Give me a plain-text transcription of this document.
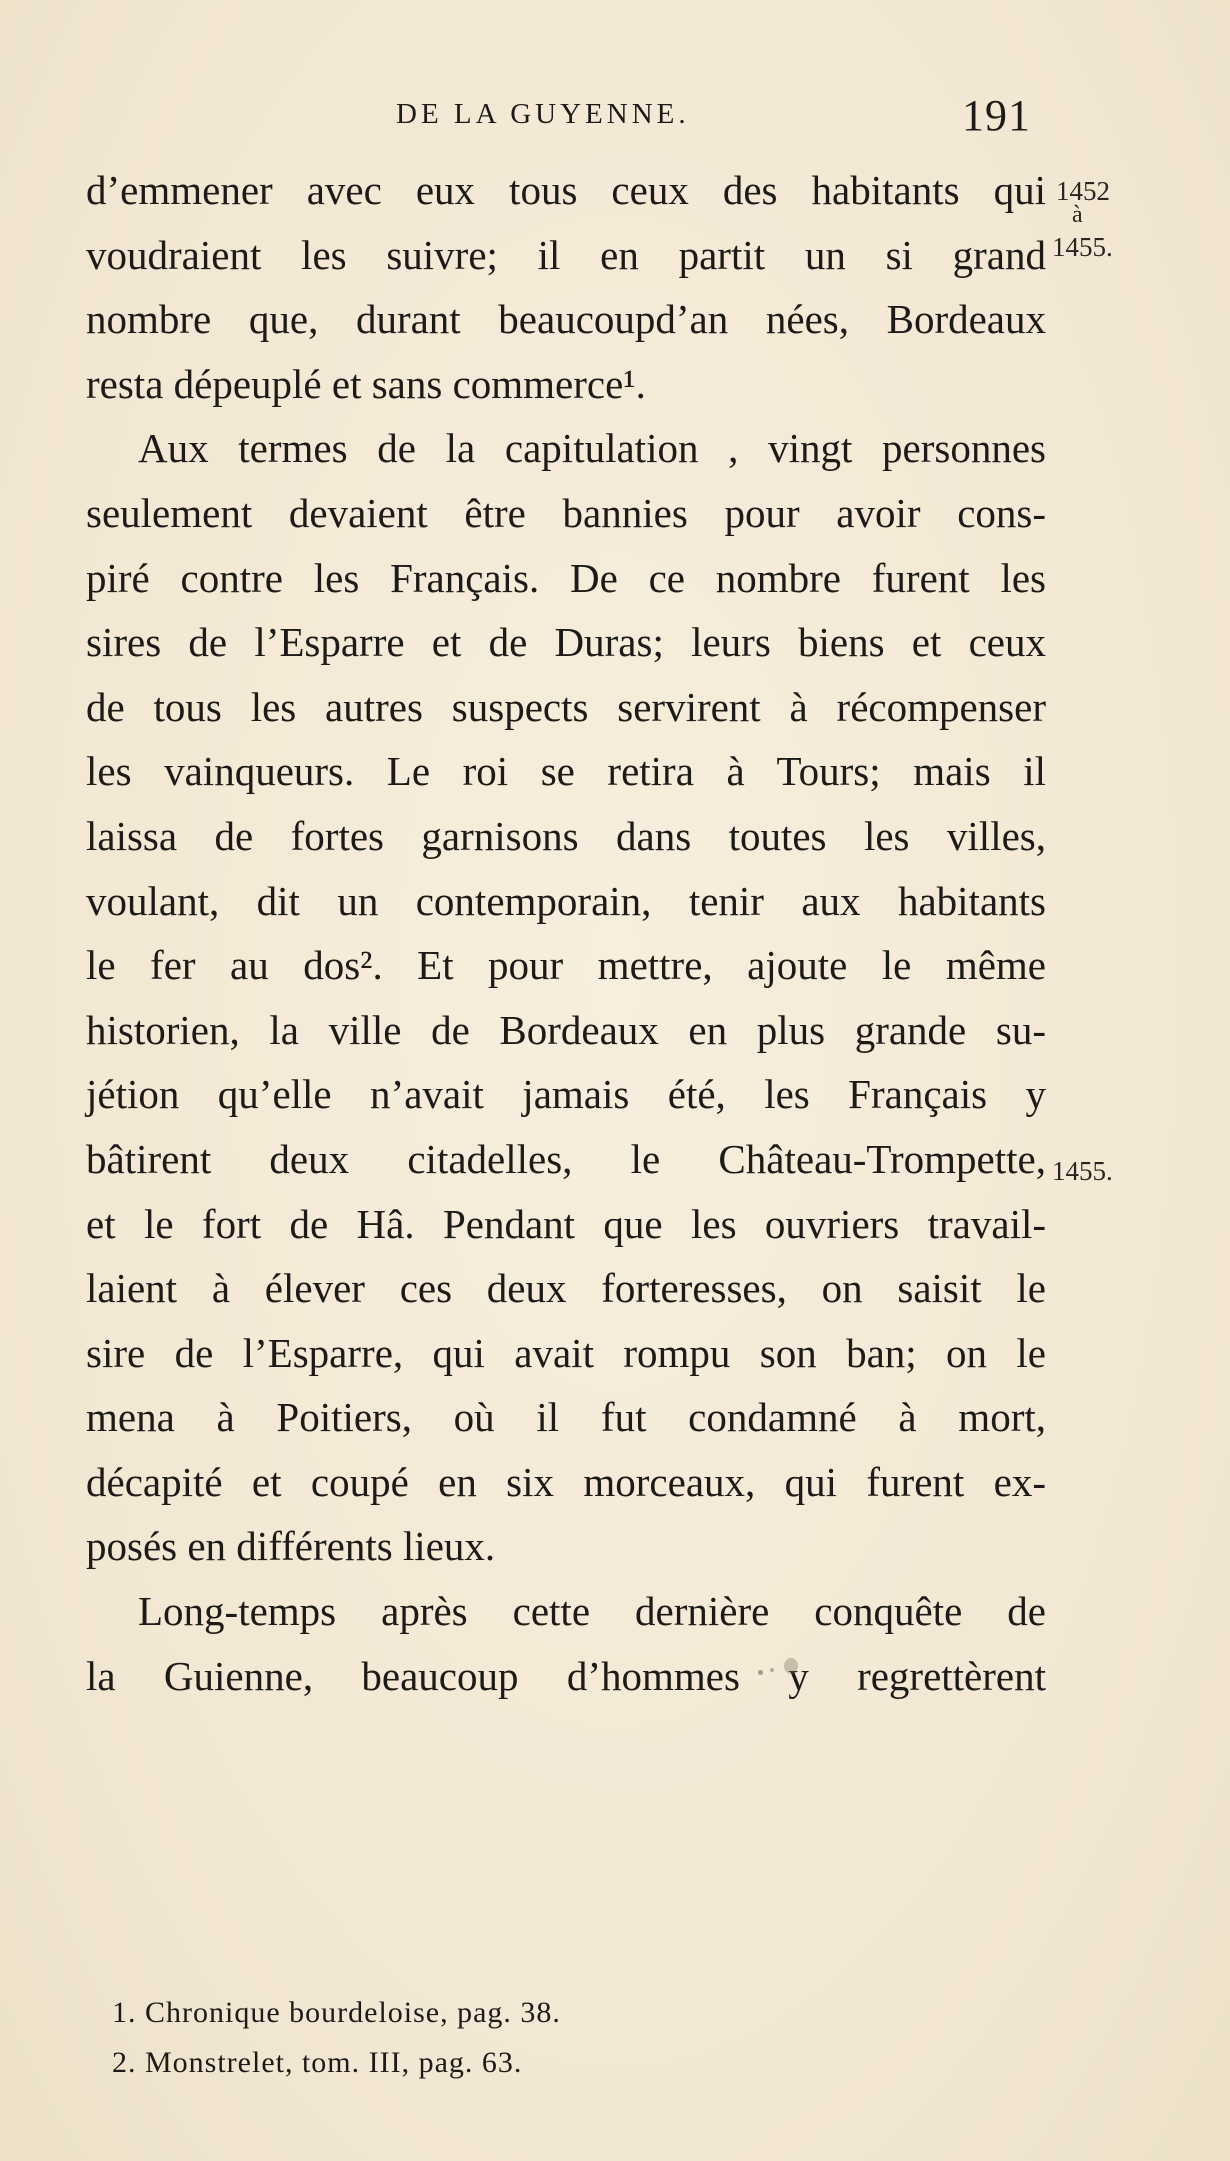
DE LA GUYENNE.	191
1452
à
1455.
1455.
d’emmener avec eux tous ceux des habitants qui
voudraient les suivre; il en partit un si grand
nombre que, durant beaucoupd’an nées, Bordeaux
resta dépeuplé et sans commerce¹.
Aux termes de la capitulation , vingt personnes
seulement devaient être bannies pour avoir cons-
piré contre les Français. De ce nombre furent les
sires de l’Esparre et de Duras; leurs biens et ceux
de tous les autres suspects servirent à récompenser
les vainqueurs. Le roi se retira à Tours; mais il
laissa de fortes garnisons dans toutes les villes,
voulant, dit un contemporain, tenir aux habitants
le fer au dos². Et pour mettre, ajoute le même
historien, la ville de Bordeaux en plus grande su-
jétion qu’elle n’avait jamais été, les Français y
bâtirent deux citadelles, le Château-Trompette,
et le fort de Hâ. Pendant que les ouvriers travail-
laient à élever ces deux forteresses, on saisit le
sire de l’Esparre, qui avait rompu son ban; on le
mena à Poitiers, où il fut condamné à mort,
décapité et coupé en six morceaux, qui furent ex-
posés en différents lieux.
Long-temps après cette dernière conquête de
la Guienne, beaucoup d’hommes y regrettèrent
1. Chronique bourdeloise, pag. 38.
2. Monstrelet, tom. III, pag. 63.
